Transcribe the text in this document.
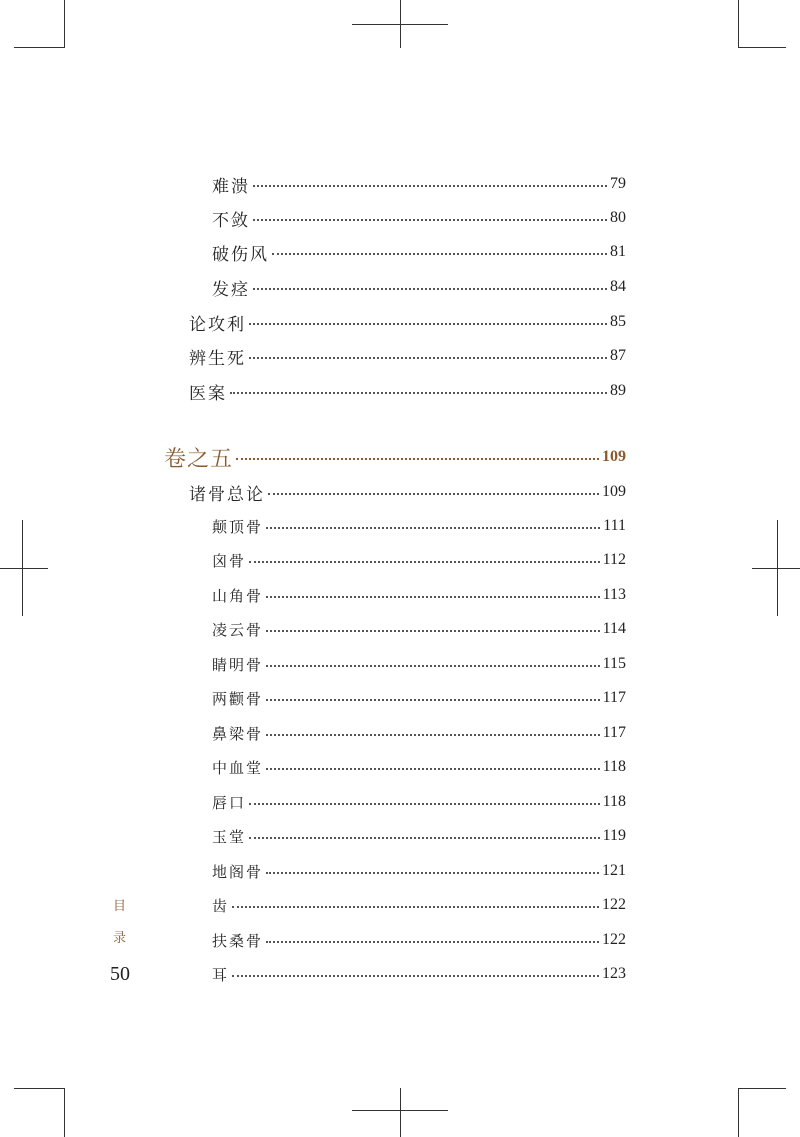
难溃	79
不敛	80
破伤风	81
发痉	84
论攻利	85
辨生死	87
医案	89
卷之五	109
诸骨总论	109
颠顶骨	111
囟骨	112
山角骨	113
凌云骨	114
睛明骨	115
两颧骨	117
鼻梁骨	117
中血堂	118
唇口	118
玉堂	119
地阁骨	121
齿	122
扶桑骨	122
耳	123
目
录
50
